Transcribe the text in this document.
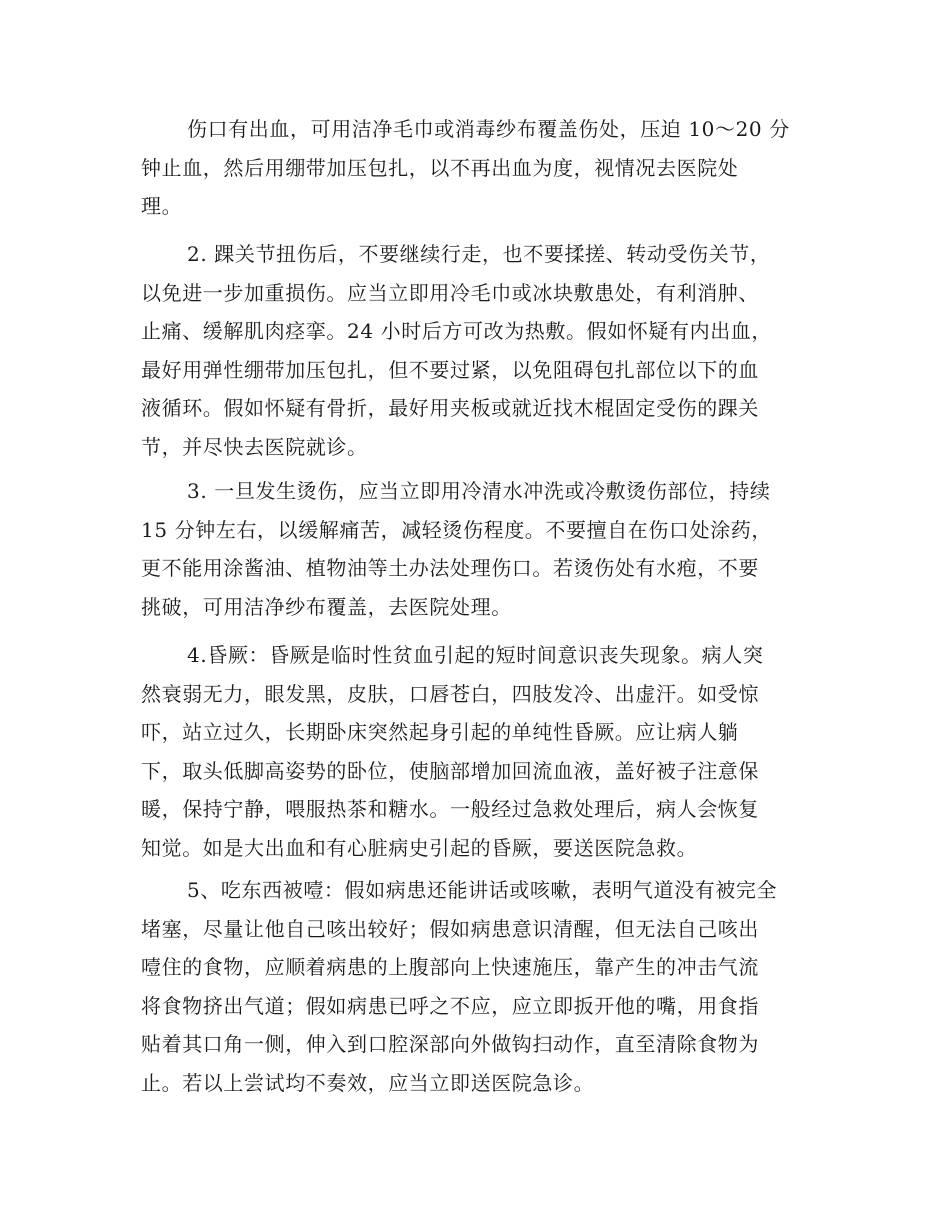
伤口有出血，可用洁净毛巾或消毒纱布覆盖伤处，压迫 10～20 分
钟止血，然后用绷带加压包扎，以不再出血为度，视情况去医院处
理。

2. 踝关节扭伤后，不要继续行走，也不要揉搓、转动受伤关节，
以免进一步加重损伤。应当立即用冷毛巾或冰块敷患处，有利消肿、
止痛、缓解肌肉痉挛。24 小时后方可改为热敷。假如怀疑有内出血，
最好用弹性绷带加压包扎，但不要过紧，以免阻碍包扎部位以下的血
液循环。假如怀疑有骨折，最好用夹板或就近找木棍固定受伤的踝关
节，并尽快去医院就诊。

3. 一旦发生烫伤，应当立即用冷清水冲洗或冷敷烫伤部位，持续
15 分钟左右，以缓解痛苦，减轻烫伤程度。不要擅自在伤口处涂药，
更不能用涂酱油、植物油等土办法处理伤口。若烫伤处有水疱，不要
挑破，可用洁净纱布覆盖，去医院处理。

4.昏厥：昏厥是临时性贫血引起的短时间意识丧失现象。病人突
然衰弱无力，眼发黑，皮肤，口唇苍白，四肢发冷、出虚汗。如受惊
吓，站立过久，长期卧床突然起身引起的单纯性昏厥。应让病人躺
下，取头低脚高姿势的卧位，使脑部增加回流血液，盖好被子注意保
暖，保持宁静，喂服热茶和糖水。一般经过急救处理后，病人会恢复
知觉。如是大出血和有心脏病史引起的昏厥，要送医院急救。

5、吃东西被噎：假如病患还能讲话或咳嗽，表明气道没有被完全
堵塞，尽量让他自己咳出较好；假如病患意识清醒，但无法自己咳出
噎住的食物，应顺着病患的上腹部向上快速施压，靠产生的冲击气流
将食物挤出气道；假如病患已呼之不应，应立即扳开他的嘴，用食指
贴着其口角一侧，伸入到口腔深部向外做钩扫动作，直至清除食物为
止。若以上尝试均不奏效，应当立即送医院急诊。
